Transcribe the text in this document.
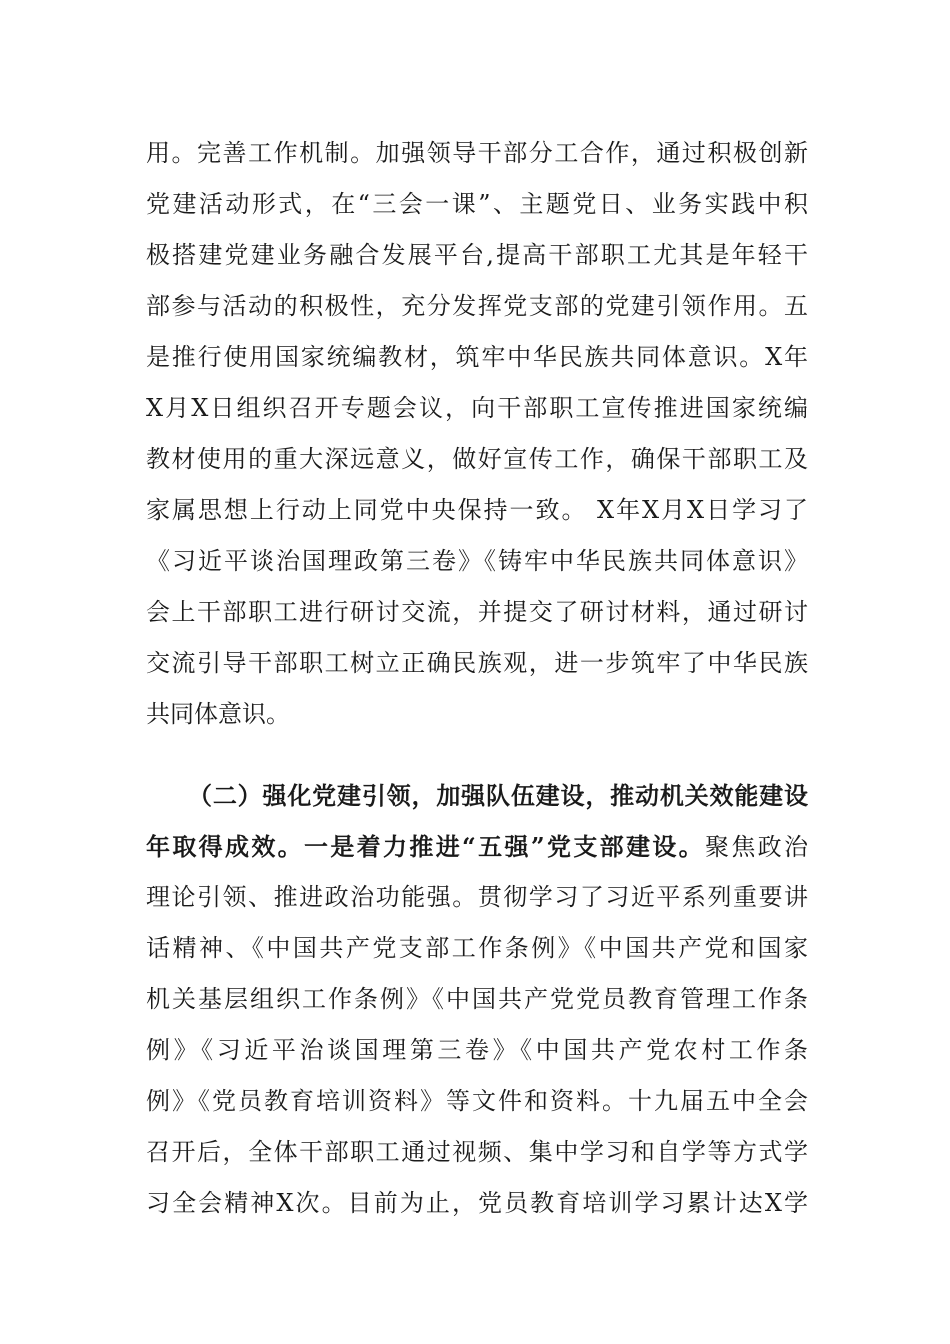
用。完善工作机制。加强领导干部分工合作，通过积极创新
党建活动形式，在“三会一课”、主题党日、业务实践中积
极搭建党建业务融合发展平台,提高干部职工尤其是年轻干
部参与活动的积极性，充分发挥党支部的党建引领作用。五
是推行使用国家统编教材，筑牢中华民族共同体意识。X年
X月X日组织召开专题会议，向干部职工宣传推进国家统编
教材使用的重大深远意义，做好宣传工作，确保干部职工及
家属思想上行动上同党中央保持一致。 X年X月X日学习了
《习近平谈治国理政第三卷》《铸牢中华民族共同体意识》
会上干部职工进行研讨交流，并提交了研讨材料，通过研讨
交流引导干部职工树立正确民族观，进一步筑牢了中华民族
共同体意识。
（二）强化党建引领，加强队伍建设，推动机关效能建设
年取得成效。一是着力推进“五强”党支部建设。聚焦政治
理论引领、推进政治功能强。贯彻学习了习近平系列重要讲
话精神、《中国共产党支部工作条例》《中国共产党和国家
机关基层组织工作条例》《中国共产党党员教育管理工作条
例》《习近平治谈国理第三卷》《中国共产党农村工作条
例》《党员教育培训资料》等文件和资料。十九届五中全会
召开后，全体干部职工通过视频、集中学习和自学等方式学
习全会精神X次。目前为止，党员教育培训学习累计达X学
